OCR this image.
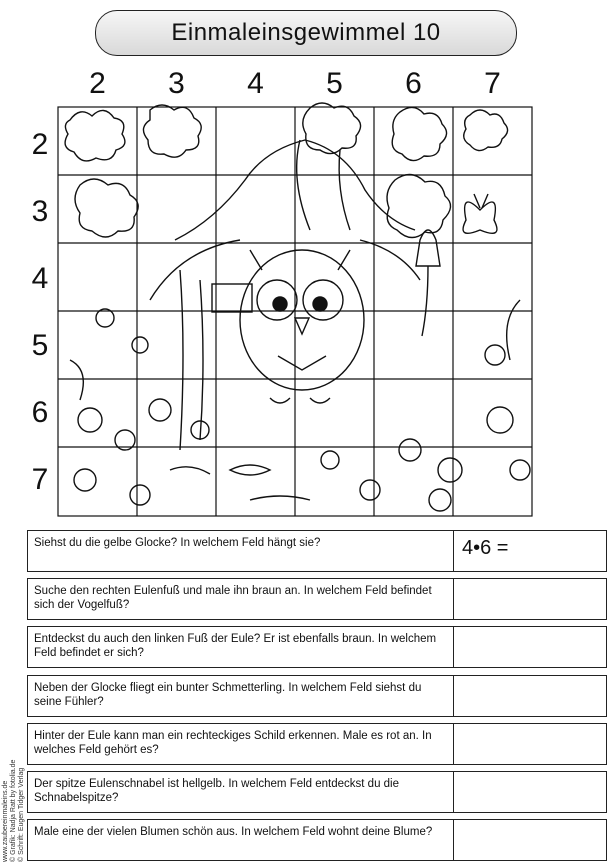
Einmaleinsgewimmel 10
2	3	4	5	6	7
2
3
4
5
6
7
Siehst du die gelbe Glocke? In welchem Feld hängt sie?	4•6 =
Suche den rechten Eulenfuß und male ihn braun an. In welchem Feld befindet sich der Vogelfuß?
Entdeckst du auch den linken Fuß der Eule? Er ist ebenfalls braun. In welchem Feld befindet er sich?
Neben der Glocke fliegt ein bunter Schmetterling. In welchem Feld siehst du seine Fühler?
Hinter der Eule kann man ein rechteckiges Schild erkennen. Male es rot an. In welches Feld gehört es?
Der spitze Eulenschnabel ist hellgelb. In welchem Feld entdeckst du die Schnabelspitze?
Male eine der vielen Blumen schön aus. In welchem Feld wohnt deine Blume?
www.zaubereinmaleins.de © Grafik: Nadja Ratt by fotolia.de © Schrift: Eugen Tidger Verlag
